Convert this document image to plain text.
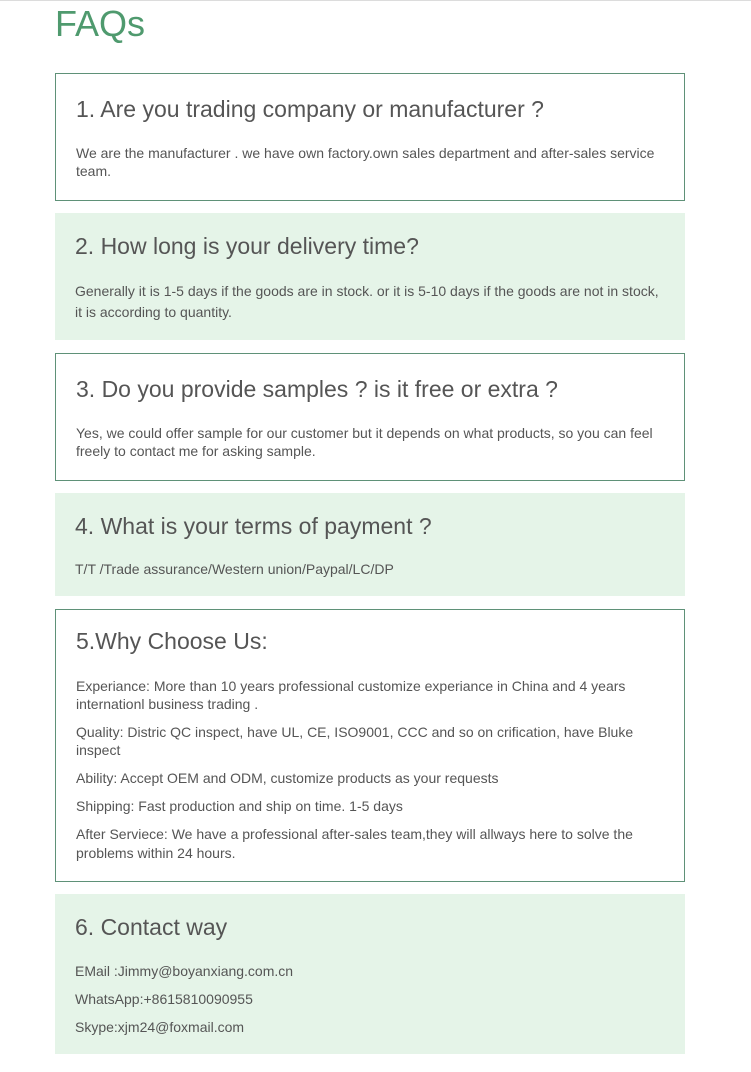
FAQs
1. Are you trading company or manufacturer ?

We are the manufacturer . we have own factory.own sales department and after-sales service team.

2. How long is your delivery time?

Generally it is 1-5 days if the goods are in stock. or it is 5-10 days if the goods are not in stock, it is according to quantity.

3. Do you provide samples ? is it free or extra ?

Yes, we could offer sample for our customer but it depends on what products, so you can feel freely to contact me for asking sample.

4. What is your terms of payment ?

T/T /Trade assurance/Western union/Paypal/LC/DP

5.Why Choose Us:

Experiance: More than 10 years professional customize experiance in China and 4 years internationl business trading .

Quality: Distric QC inspect, have UL, CE, ISO9001, CCC and so on crification, have Bluke inspect

Ability: Accept OEM and ODM, customize products as your requests

Shipping: Fast production and ship on time. 1-5 days

After Serviece: We have a professional after-sales team,they will allways here to solve the problems within 24 hours.

6. Contact way

EMail :Jimmy@boyanxiang.com.cn

WhatsApp:+8615810090955

Skype:xjm24@foxmail.com
